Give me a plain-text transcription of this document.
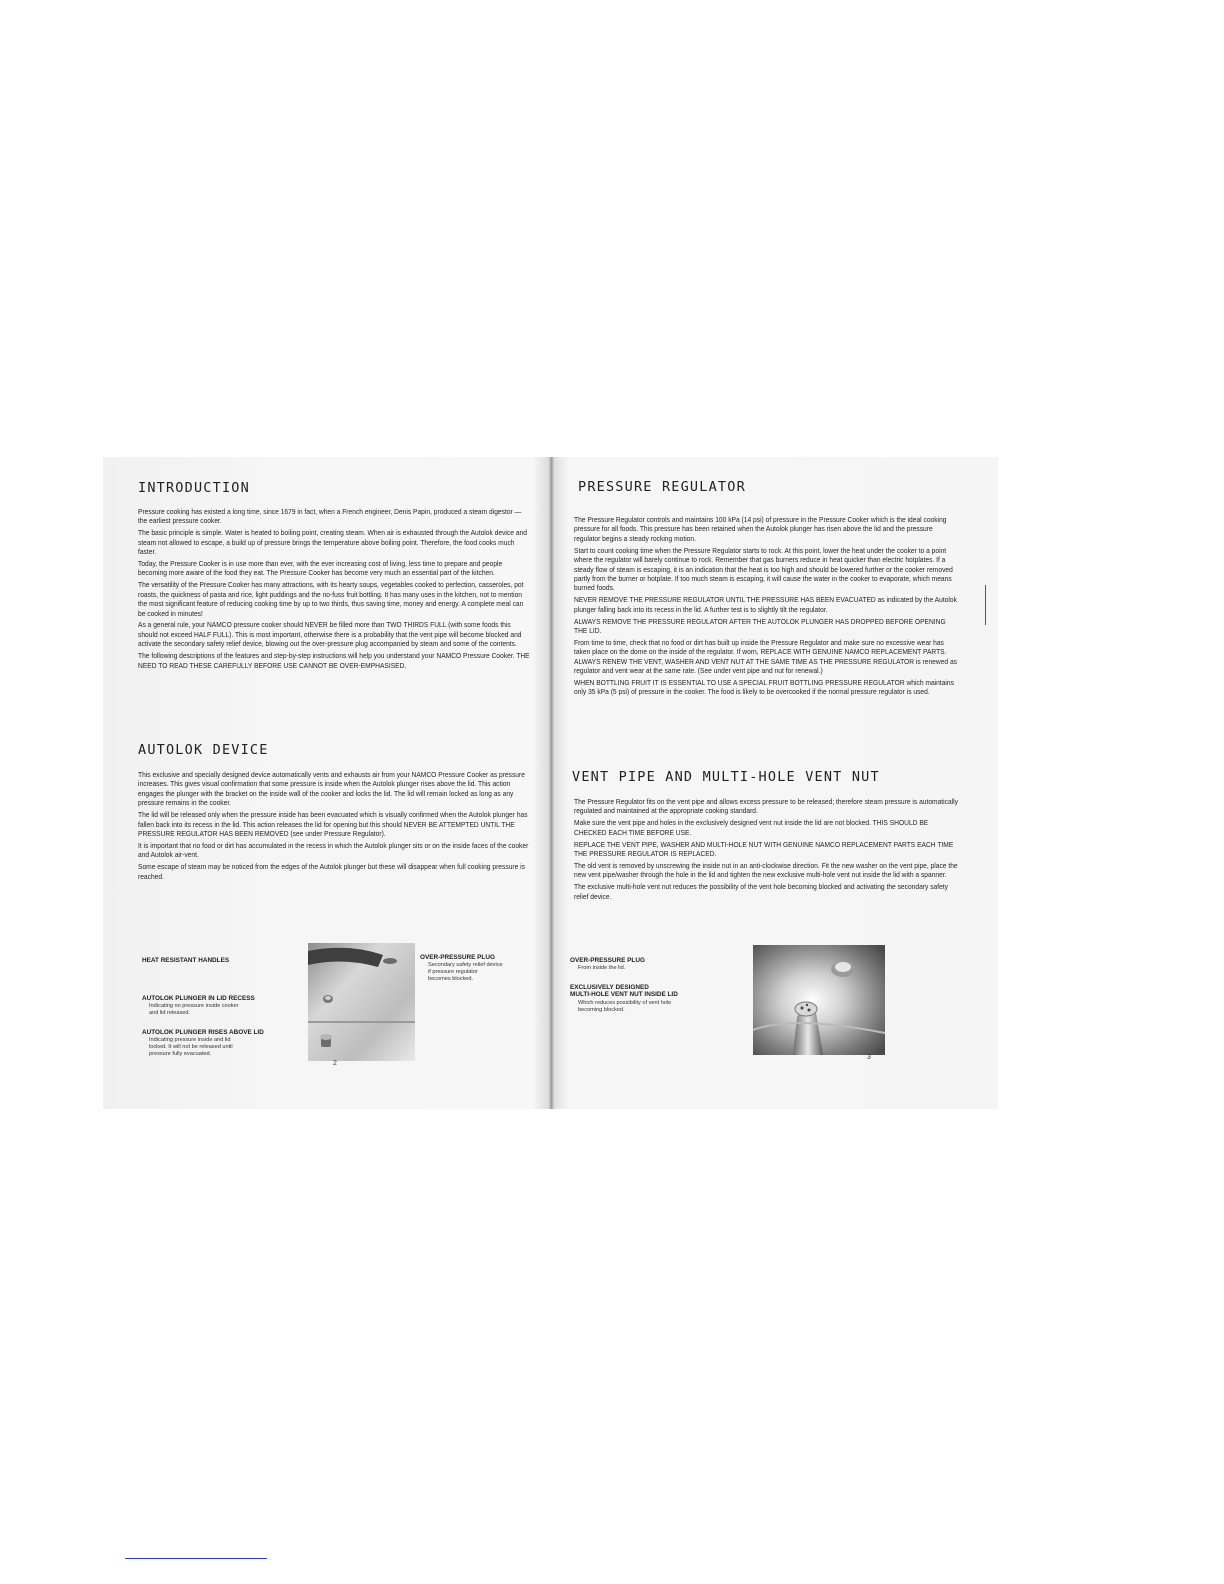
INTRODUCTION

Pressure cooking has existed a long time, since 1679 in fact, when a French engineer, Denis Papin, produced a steam digestor — the earliest pressure cooker.

The basic principle is simple. Water is heated to boiling point, creating steam. When air is exhausted through the Autolok device and steam not allowed to escape, a build up of pressure brings the temperature above boiling point. Therefore, the food cooks much faster.

Today, the Pressure Cooker is in use more than ever, with the ever increasing cost of living, less time to prepare and people becoming more aware of the food they eat. The Pressure Cooker has become very much an essential part of the kitchen.

The versatility of the Pressure Cooker has many attractions, with its hearty soups, vegetables cooked to perfection, casseroles, pot roasts, the quickness of pasta and rice, light puddings and the no-fuss fruit bottling. It has many uses in the kitchen, not to mention the most significant feature of reducing cooking time by up to two thirds, thus saving time, money and energy. A complete meal can be cooked in minutes!

As a general rule, your NAMCO pressure cooker should NEVER be filled more than TWO THIRDS FULL (with some foods this should not exceed HALF FULL). This is most important, otherwise there is a probability that the vent pipe will become blocked and activate the secondary safety relief device, blowing out the over-pressure plug accompanied by steam and some of the contents.

The following descriptions of the features and step-by-step instructions will help you understand your NAMCO Pressure Cooker. THE NEED TO READ THESE CAREFULLY BEFORE USE CANNOT BE OVER-EMPHASISED.

AUTOLOK DEVICE

This exclusive and specially designed device automatically vents and exhausts air from your NAMCO Pressure Cooker as pressure increases. This gives visual confirmation that some pressure is inside when the Autolok plunger rises above the lid. This action engages the plunger with the bracket on the inside wall of the cooker and locks the lid. The lid will remain locked as long as any pressure remains in the cooker.

The lid will be released only when the pressure inside has been evacuated which is visually confirmed when the Autolok plunger has fallen back into its recess in the lid. This action releases the lid for opening but this should NEVER BE ATTEMPTED UNTIL THE PRESSURE REGULATOR HAS BEEN REMOVED (see under Pressure Regulator).

It is important that no food or dirt has accumulated in the recess in which the Autolok plunger sits or on the inside faces of the cooker and Autolok air-vent.

Some escape of steam may be noticed from the edges of the Autolok plunger but these will disappear when full cooking pressure is reached.

HEAT RESISTANT HANDLES
AUTOLOK PLUNGER IN LID RECESS
Indicating no pressure inside cooker
and lid released.
AUTOLOK PLUNGER RISES ABOVE LID
Indicating pressure inside and lid
locked. It will not be released until
pressure fully evacuated.
OVER-PRESSURE PLUG
Secondary safety relief device
if pressure regulator
becomes blocked.
2
PRESSURE REGULATOR

The Pressure Regulator controls and maintains 100 kPa (14 psi) of pressure in the Pressure Cooker which is the ideal cooking pressure for all foods. This pressure has been retained when the Autolok plunger has risen above the lid and the pressure regulator begins a steady rocking motion.

Start to count cooking time when the Pressure Regulator starts to rock. At this point, lower the heat under the cooker to a point where the regulator will barely continue to rock. Remember that gas burners reduce in heat quicker than electric hotplates. If a steady flow of steam is escaping, it is an indication that the heat is too high and should be lowered further or the cooker removed partly from the burner or hotplate. If too much steam is escaping, it will cause the water in the cooker to evaporate, which means burned foods.

NEVER REMOVE THE PRESSURE REGULATOR UNTIL THE PRESSURE HAS BEEN EVACUATED as indicated by the Autolok plunger falling back into its recess in the lid. A further test is to slightly tilt the regulator.

ALWAYS REMOVE THE PRESSURE REGULATOR AFTER THE AUTOLOK PLUNGER HAS DROPPED BEFORE OPENING THE LID.

From time to time, check that no food or dirt has built up inside the Pressure Regulator and make sure no excessive wear has taken place on the dome on the inside of the regulator. If worn, REPLACE WITH GENUINE NAMCO REPLACEMENT PARTS. ALWAYS RENEW THE VENT, WASHER AND VENT NUT AT THE SAME TIME AS THE PRESSURE REGULATOR is renewed as regulator and vent wear at the same rate. (See under vent pipe and nut for renewal.)

WHEN BOTTLING FRUIT IT IS ESSENTIAL TO USE A SPECIAL FRUIT BOTTLING PRESSURE REGULATOR which maintains only 35 kPa (5 psi) of pressure in the cooker. The food is likely to be overcooked if the normal pressure regulator is used.

VENT PIPE AND MULTI-HOLE VENT NUT

The Pressure Regulator fits on the vent pipe and allows excess pressure to be released; therefore steam pressure is automatically regulated and maintained at the appropriate cooking standard.

Make sure the vent pipe and holes in the exclusively designed vent nut inside the lid are not blocked. THIS SHOULD BE CHECKED EACH TIME BEFORE USE.

REPLACE THE VENT PIPE, WASHER AND MULTI-HOLE NUT WITH GENUINE NAMCO REPLACEMENT PARTS EACH TIME THE PRESSURE REGULATOR IS REPLACED.

The old vent is removed by unscrewing the inside nut in an anti-clockwise direction. Fit the new washer on the vent pipe, place the new vent pipe/washer through the hole in the lid and tighten the new exclusive multi-hole vent nut inside the lid with a spanner.

The exclusive multi-hole vent nut reduces the possibility of the vent hole becoming blocked and activating the secondary safety relief device.

OVER-PRESSURE PLUG
From inside the lid.
EXCLUSIVELY DESIGNED
MULTI-HOLE VENT NUT INSIDE LID
Which reduces possibility of vent hole
becoming blocked.
3
